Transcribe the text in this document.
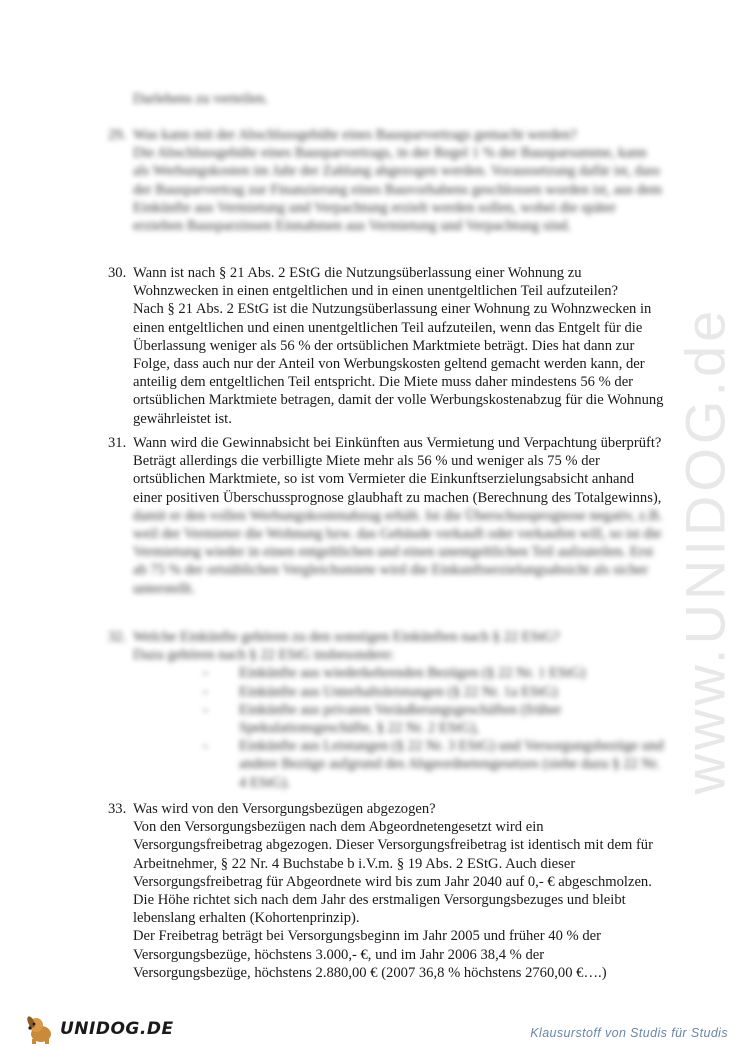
www.UNIDOG.de
Darlehens zu verteilen.
29. Was kann mit der Abschlussgebühr eines Bausparvertrags gemacht werden?
Die Abschlussgebühr eines Bausparvertrags, in der Regel 1 % der Bausparsumme, kann als Werbungskosten im Jahr der Zahlung abgezogen werden. Voraussetzung dafür ist, dass der Bausparvertrag zur Finanzierung eines Bauvorhabens geschlossen worden ist, aus dem Einkünfte aus Vermietung und Verpachtung erzielt werden sollen, wobei die später erzielten Bausparzinsen Einnahmen aus Vermietung und Verpachtung sind.
30. Wann ist nach § 21 Abs. 2 EStG die Nutzungsüberlassung einer Wohnung zu Wohnzwecken in einen entgeltlichen und in einen unentgeltlichen Teil aufzuteilen?
Nach § 21 Abs. 2 EStG ist die Nutzungsüberlassung einer Wohnung zu Wohnzwecken in einen entgeltlichen und einen unentgeltlichen Teil aufzuteilen, wenn das Entgelt für die Überlassung weniger als 56 % der ortsüblichen Marktmiete beträgt. Dies hat dann zur Folge, dass auch nur der Anteil von Werbungskosten geltend gemacht werden kann, der anteilig dem entgeltlichen Teil entspricht. Die Miete muss daher mindestens 56 % der ortsüblichen Marktmiete betragen, damit der volle Werbungskostenabzug für die Wohnung gewährleistet ist.
31. Wann wird die Gewinnabsicht bei Einkünften aus Vermietung und Verpachtung überprüft?
Beträgt allerdings die verbilligte Miete mehr als 56 % und weniger als 75 % der ortsüblichen Marktmiete, so ist vom Vermieter die Einkunftserzielungsabsicht anhand einer positiven Überschussprognose glaubhaft zu machen (Berechnung des Totalgewinns),
damit er den vollen Werbungskostenabzug erhält. Ist die Überschussprognose negativ, z.B. weil der Vermieter die Wohnung bzw. das Gebäude verkauft oder verkaufen will, so ist die Vermietung wieder in einen entgeltlichen und einen unentgeltlichen Teil aufzuteilen. Erst ab 75 % der ortsüblichen Vergleichsmiete wird die Einkunftserzielungsabsicht als sicher unterstellt.
32. Welche Einkünfte gehören zu den sonstigen Einkünften nach § 22 EStG?
Dazu gehören nach § 22 EStG insbesondere:
- Einkünfte aus wiederkehrenden Bezügen (§ 22 Nr. 1 EStG)
- Einkünfte aus Unterhaltsleistungen (§ 22 Nr. 1a EStG)
- Einkünfte aus privaten Veräußerungsgeschäften (früher Spekulationsgeschäfte, § 22 Nr. 2 EStG),
- Einkünfte aus Leistungen (§ 22 Nr. 3 EStG) und Versorgungsbezüge und andere Bezüge aufgrund des Abgeordnetengesetzes (siehe dazu § 22 Nr. 4 EStG).
33. Was wird von den Versorgungsbezügen abgezogen?
Von den Versorgungsbezügen nach dem Abgeordnetengesetzt wird ein Versorgungsfreibetrag abgezogen. Dieser Versorgungsfreibetrag ist identisch mit dem für Arbeitnehmer, § 22 Nr. 4 Buchstabe b i.V.m. § 19 Abs. 2 EStG. Auch dieser Versorgungsfreibetrag für Abgeordnete wird bis zum Jahr 2040 auf 0,- € abgeschmolzen. Die Höhe richtet sich nach dem Jahr des erstmaligen Versorgungsbezuges und bleibt lebenslang erhalten (Kohortenprinzip).
Der Freibetrag beträgt bei Versorgungsbeginn im Jahr 2005 und früher 40 % der Versorgungsbezüge, höchstens 3.000,- €, und im Jahr 2006 38,4 % der Versorgungsbezüge, höchstens 2.880,00 € (2007 36,8 % höchstens 2760,00 €….)
UNIDOG.DE	Klausurstoff von Studis für Studis
